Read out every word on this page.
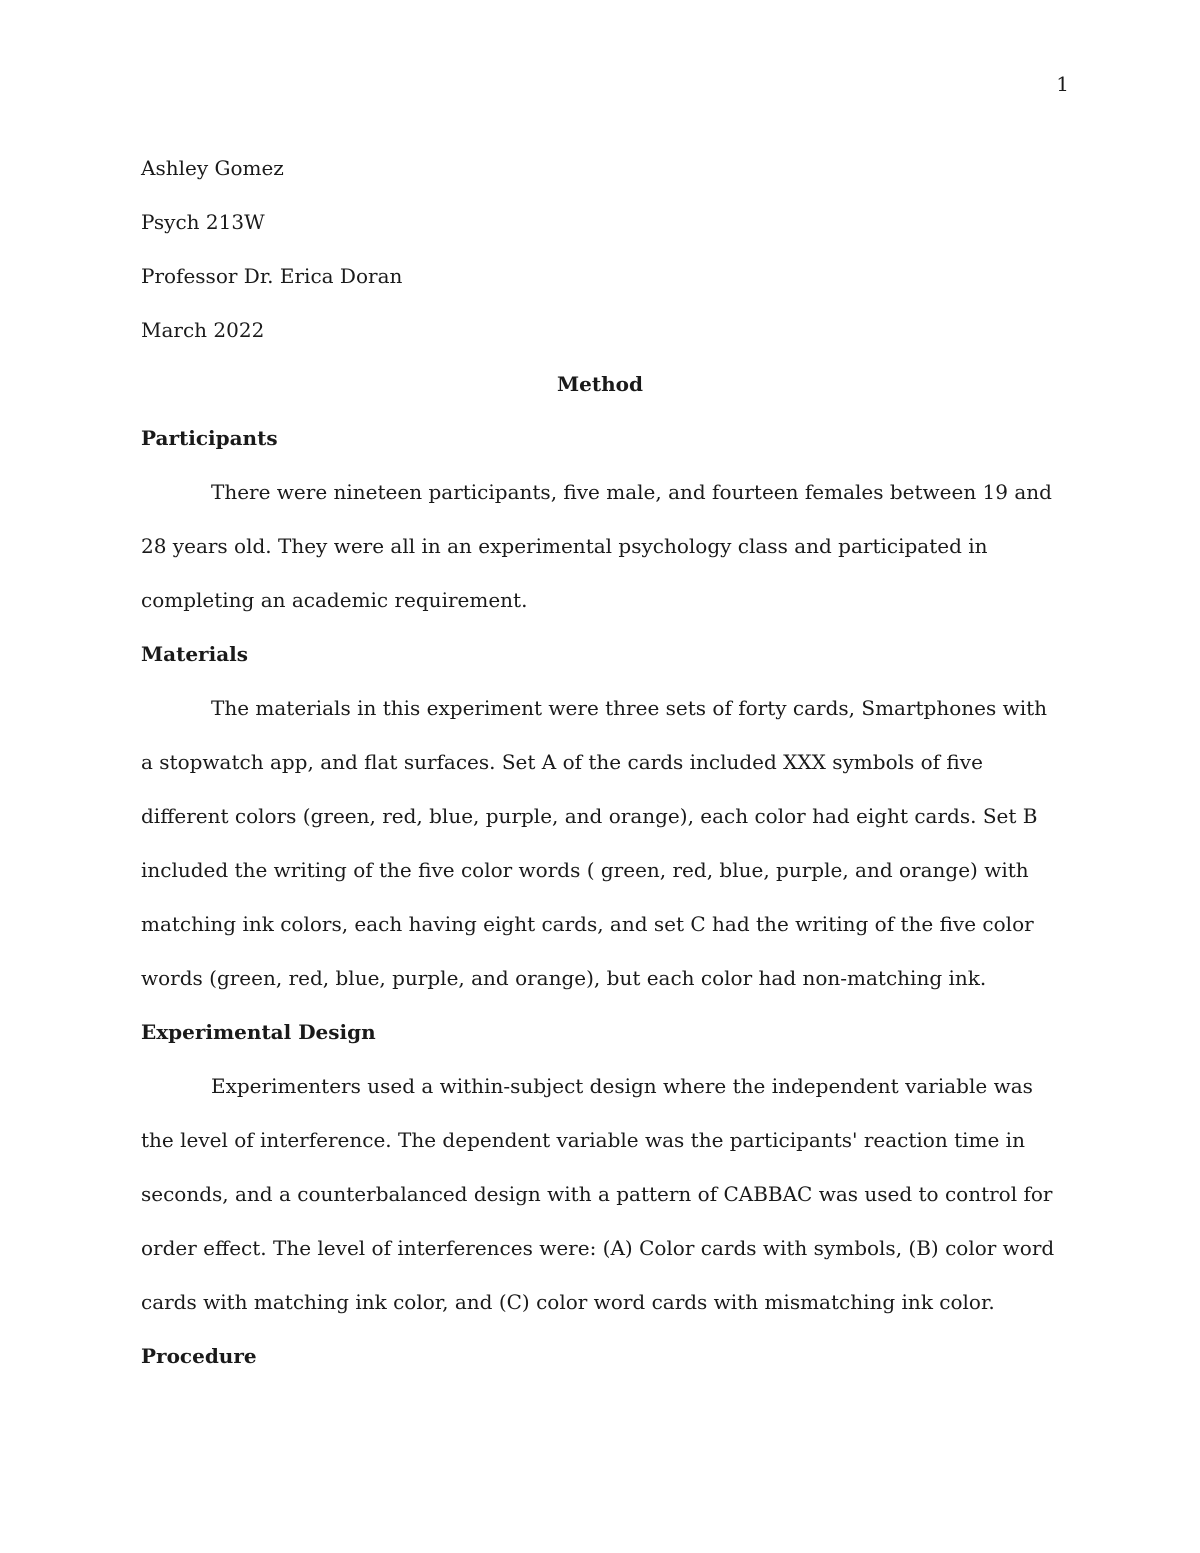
1

Ashley Gomez

Psych 213W

Professor Dr. Erica Doran

March 2022

Method
Participants

There were nineteen participants, five male, and fourteen females between 19 and 28 years old. They were all in an experimental psychology class and participated in completing an academic requirement.

Materials

The materials in this experiment were three sets of forty cards, Smartphones with a stopwatch app, and flat surfaces. Set A of the cards included XXX symbols of five different colors (green, red, blue, purple, and orange), each color had eight cards. Set B included the writing of the five color words ( green, red, blue, purple, and orange) with matching ink colors, each having eight cards, and set C had the writing of the five color words (green, red, blue, purple, and orange), but each color had non-matching ink.

Experimental Design

Experimenters used a within-subject design where the independent variable was the level of interference. The dependent variable was the participants' reaction time in seconds, and a counterbalanced design with a pattern of CABBAC was used to control for order effect. The level of interferences were: (A) Color cards with symbols, (B) color word cards with matching ink color, and (C) color word cards with mismatching ink color.

Procedure
